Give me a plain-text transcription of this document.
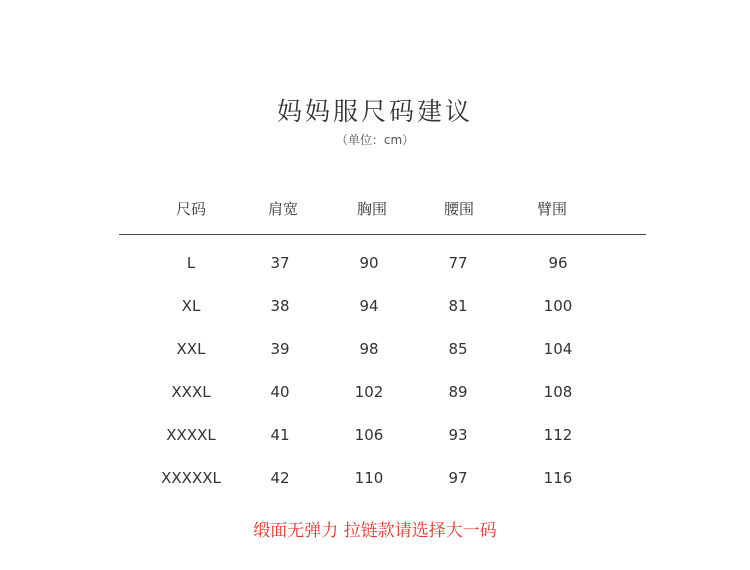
妈妈服尺码建议
（单位：cm）
尺码	肩宽	胸围	腰围	臂围
L	37	90	77	96
XL	38	94	81	100
XXL	39	98	85	104
XXXL	40	102	89	108
XXXXL	41	106	93	112
XXXXXL	42	110	97	116
缎面无弹力 拉链款请选择大一码
